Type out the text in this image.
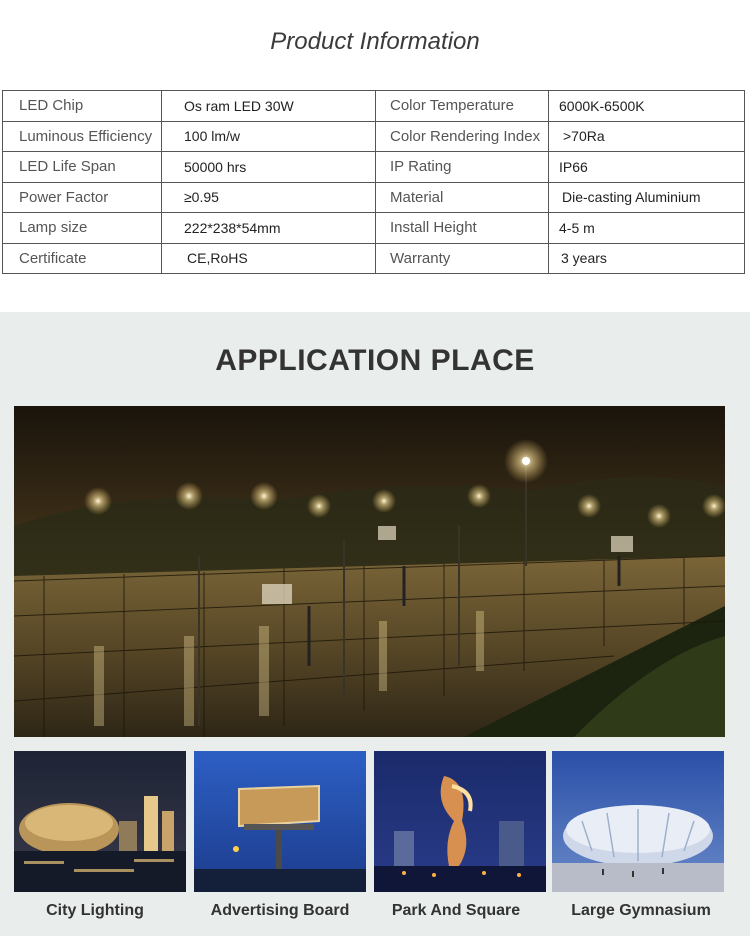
Product Information
LED Chip	Os ram LED 30W	Color Temperature	6000K-6500K
Luminous Efficiency	100 lm/w	Color Rendering Index	>70Ra
LED Life Span	50000 hrs	IP Rating	IP66
Power Factor	≥0.95	Material	Die-casting Aluminium
Lamp size	222*238*54mm	Install Height	4-5 m
Certificate	CE,RoHS	Warranty	3 years
APPLICATION PLACE
City Lighting	Advertising Board	Park And Square	Large Gymnasium
